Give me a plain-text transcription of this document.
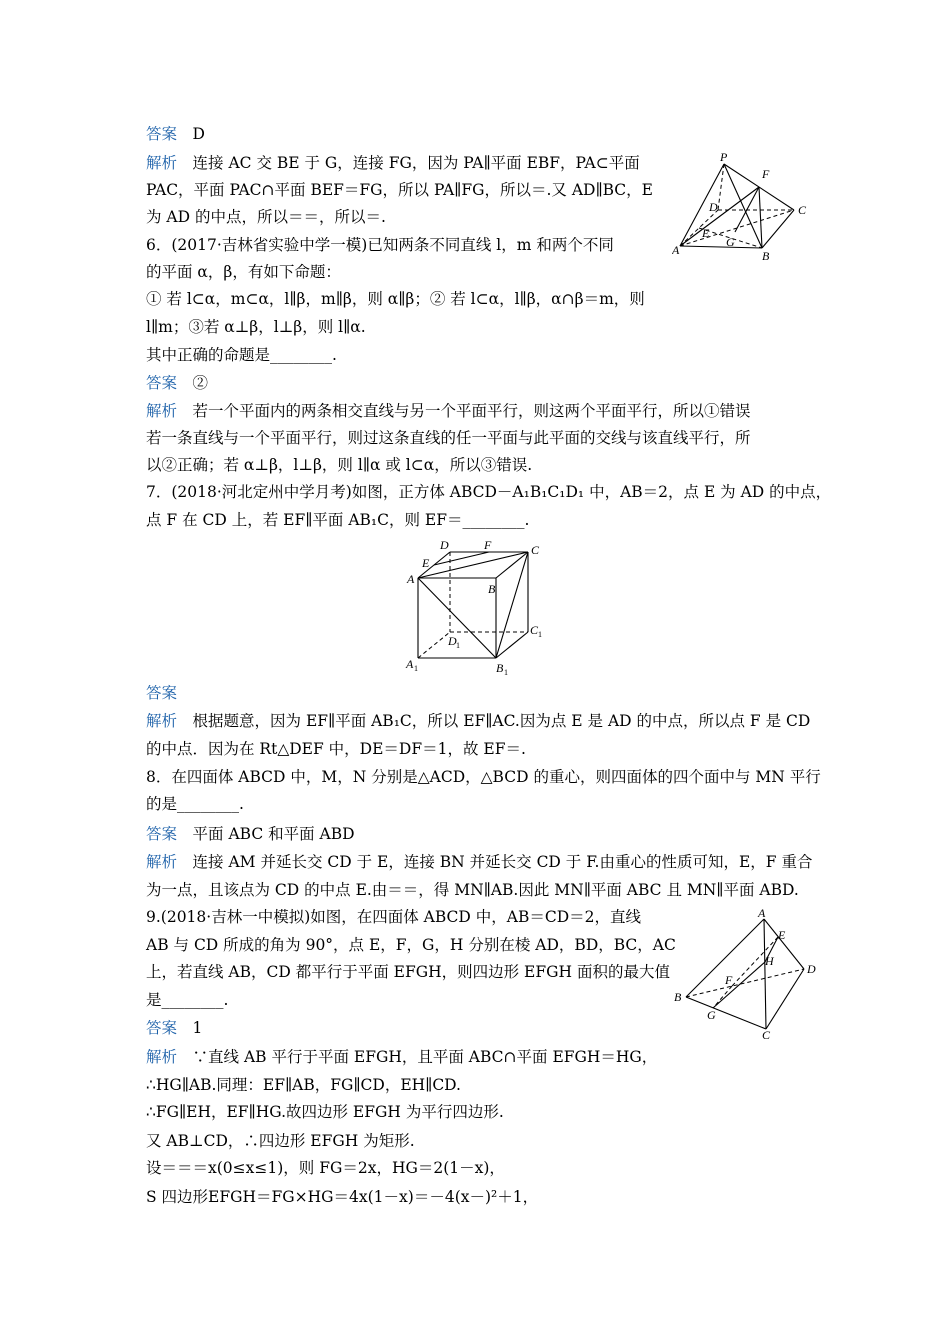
答案　 D
解析　 连接 AC 交 BE 于 G，连接 FG，因为 PA∥平面 EBF，PA⊂平面
PAC，平面 PAC∩平面 BEF＝FG，所以 PA∥FG，所以＝.又 AD∥BC，E
为 AD 的中点，所以＝＝，所以＝.
6．(2017·吉林省实验中学一模)已知两条不同直线 l，m 和两个不同
的平面 α，β，有如下命题：
① 若 l⊂α，m⊂α，l∥β，m∥β，则 α∥β；② 若 l⊂α，l∥β，α∩β＝m，则
l∥m；③若 α⊥β，l⊥β，则 l∥α.
其中正确的命题是________.
答案　 ②
解析　 若一个平面内的两条相交直线与另一个平面平行，则这两个平面平行，所以①错误
若一条直线与一个平面平行，则过这条直线的任一平面与此平面的交线与该直线平行，所
以②正确；若 α⊥β，l⊥β，则 l∥α 或 l⊂α，所以③错误.
7．(2018·河北定州中学月考)如图，正方体 ABCD－A₁B₁C₁D₁ 中，AB＝2，点 E 为 AD 的中点，
点 F 在 CD 上，若 EF∥平面 AB₁C，则 EF＝________.
答案　
解析　 根据题意，因为 EF∥平面 AB₁C，所以 EF∥AC.因为点 E 是 AD 的中点，所以点 F 是 CD
的中点．因为在 Rt△DEF 中，DE＝DF＝1，故 EF＝.
8．在四面体 ABCD 中，M，N 分别是△ACD，△BCD 的重心，则四面体的四个面中与 MN 平行
的是________.
答案　 平面 ABC 和平面 ABD
解析　 连接 AM 并延长交 CD 于 E，连接 BN 并延长交 CD 于 F.由重心的性质可知，E，F 重合
为一点，且该点为 CD 的中点 E.由＝＝，得 MN∥AB.因此 MN∥平面 ABC 且 MN∥平面 ABD.
9.(2018·吉林一中模拟)如图，在四面体 ABCD 中，AB＝CD＝2，直线
AB 与 CD 所成的角为 90°，点 E，F，G，H 分别在棱 AD，BD，BC，AC
上，若直线 AB，CD 都平行于平面 EFGH，则四边形 EFGH 面积的最大值
是________.
答案　 1
解析　 ∵直线 AB 平行于平面 EFGH，且平面 ABC∩平面 EFGH＝HG，
∴HG∥AB.同理：EF∥AB，FG∥CD，EH∥CD.
∴FG∥EH，EF∥HG.故四边形 EFGH 为平行四边形.
又 AB⊥CD，∴四边形 EFGH 为矩形.
设＝＝＝x(0≤x≤1)，则 FG＝2x，HG＝2(1－x)，
S 四边形EFGH＝FG×HG＝4x(1－x)＝－4(x－)²＋1，
P
F
D	C
E
G
A	B
D	F	C
E
A
B
D 1
C 1
A 1	B 1
A
E
H
F
D
B
G
C
